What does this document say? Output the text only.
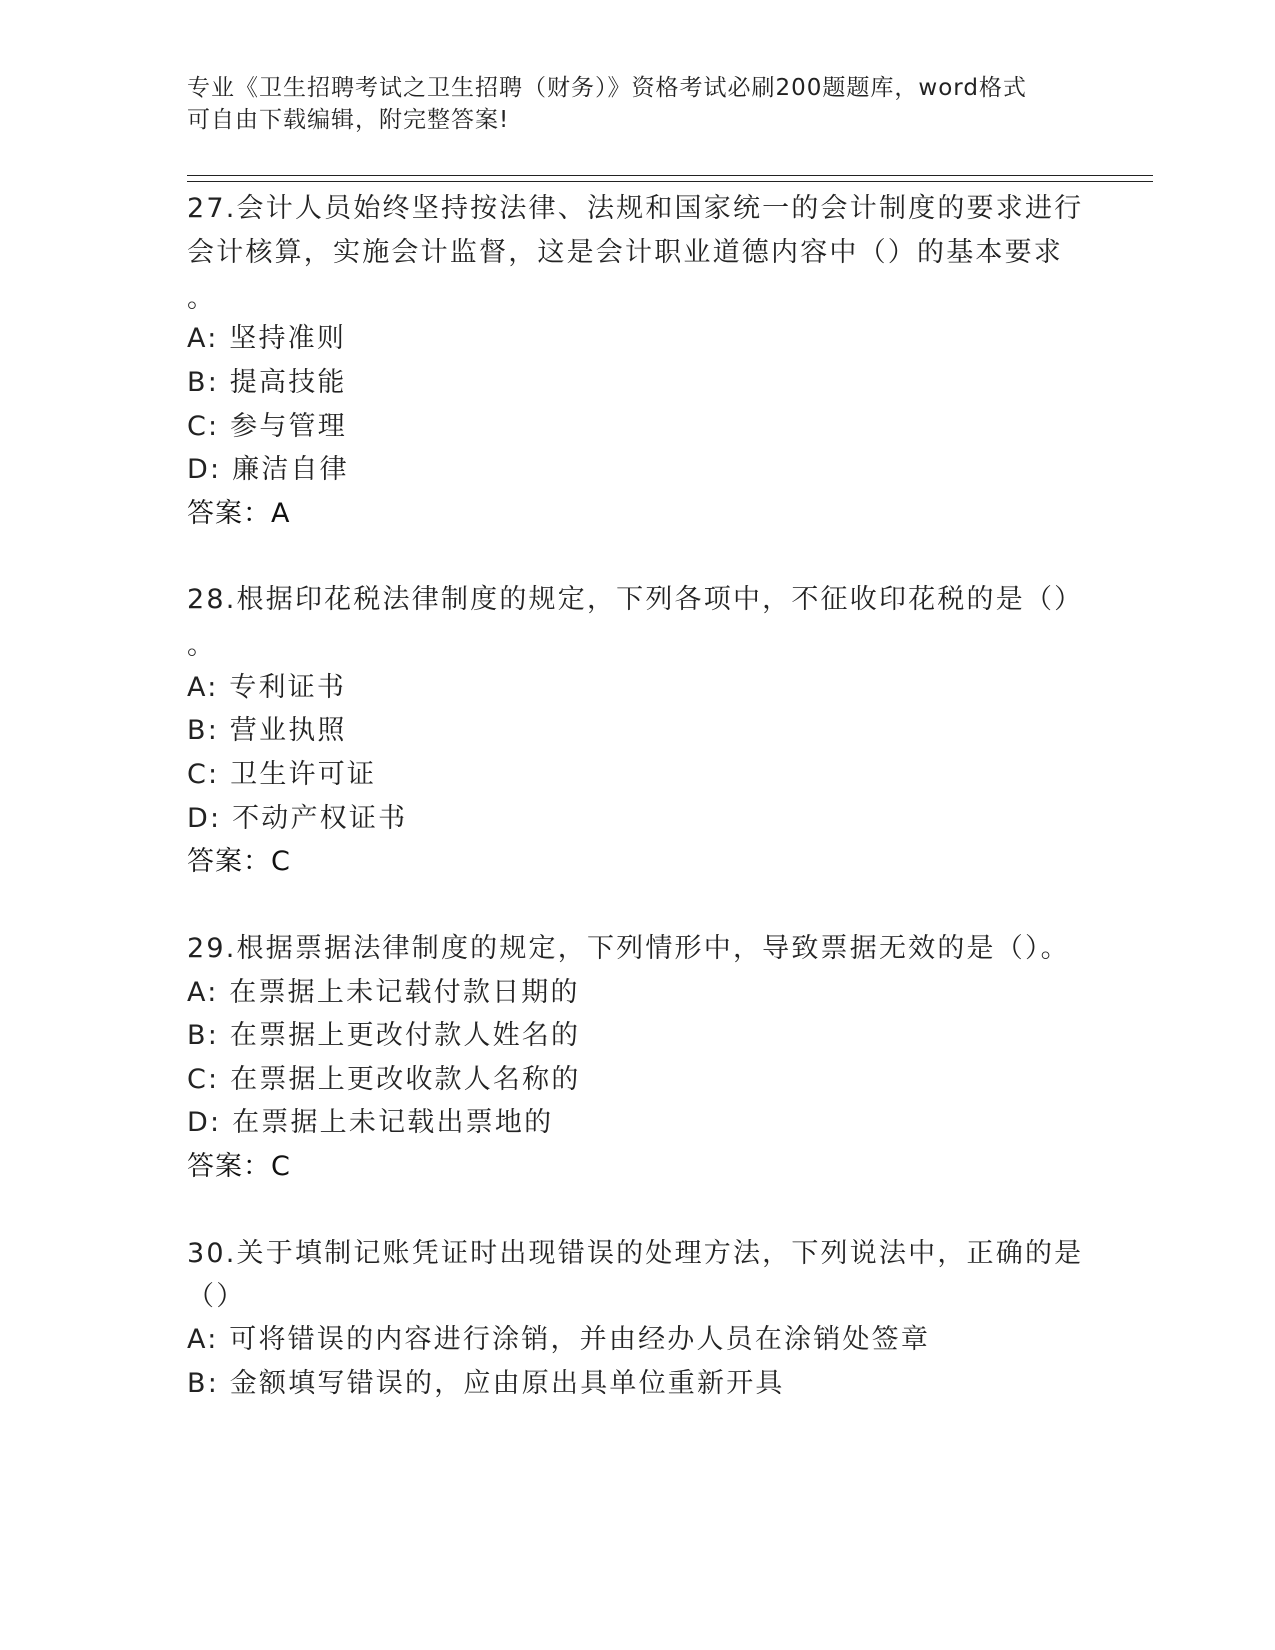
专业《卫生招聘考试之卫生招聘（财务）》资格考试必刷200题题库，word格式
可自由下载编辑，附完整答案!
27.会计人员始终坚持按法律、法规和国家统一的会计制度的要求进行
会计核算，实施会计监督，这是会计职业道德内容中（）的基本要求
。
A: 坚持准则
B: 提高技能
C: 参与管理
D: 廉洁自律
答案：A
28.根据印花税法律制度的规定，下列各项中，不征收印花税的是（）
。
A: 专利证书
B: 营业执照
C: 卫生许可证
D: 不动产权证书
答案：C
29.根据票据法律制度的规定，下列情形中，导致票据无效的是（）。
A: 在票据上未记载付款日期的
B: 在票据上更改付款人姓名的
C: 在票据上更改收款人名称的
D: 在票据上未记载出票地的
答案：C
30.关于填制记账凭证时出现错误的处理方法，下列说法中，正确的是
（）
A: 可将错误的内容进行涂销，并由经办人员在涂销处签章
B: 金额填写错误的，应由原出具单位重新开具
